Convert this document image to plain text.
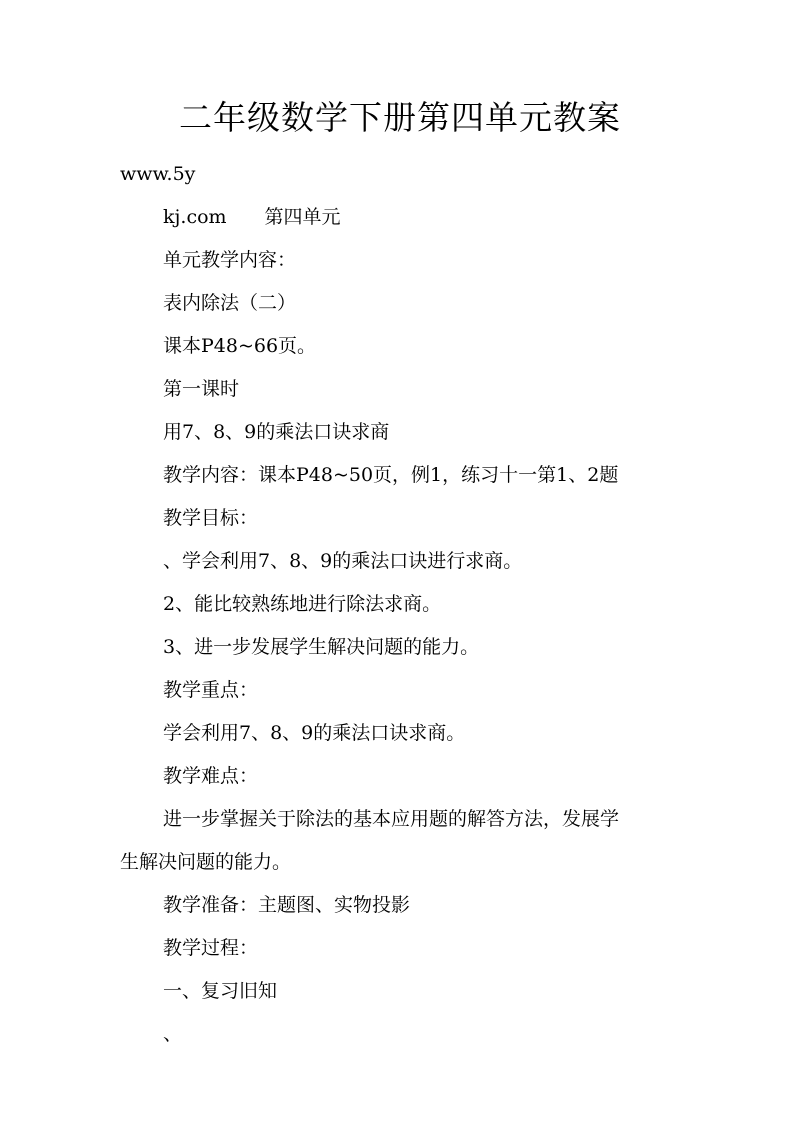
二年级数学下册第四单元教案

www.5y

kj.com　　第四单元

单元教学内容：

表内除法（二）

课本P48~66页。

第一课时

用7、8、9的乘法口诀求商

教学内容：课本P48~50页，例1，练习十一第1、2题

教学目标：

、学会利用7、8、9的乘法口诀进行求商。

2、能比较熟练地进行除法求商。

3、进一步发展学生解决问题的能力。

教学重点：

学会利用7、8、9的乘法口诀求商。

教学难点：

进一步掌握关于除法的基本应用题的解答方法，发展学

生解决问题的能力。

教学准备：主题图、实物投影

教学过程：

一、复习旧知

、
